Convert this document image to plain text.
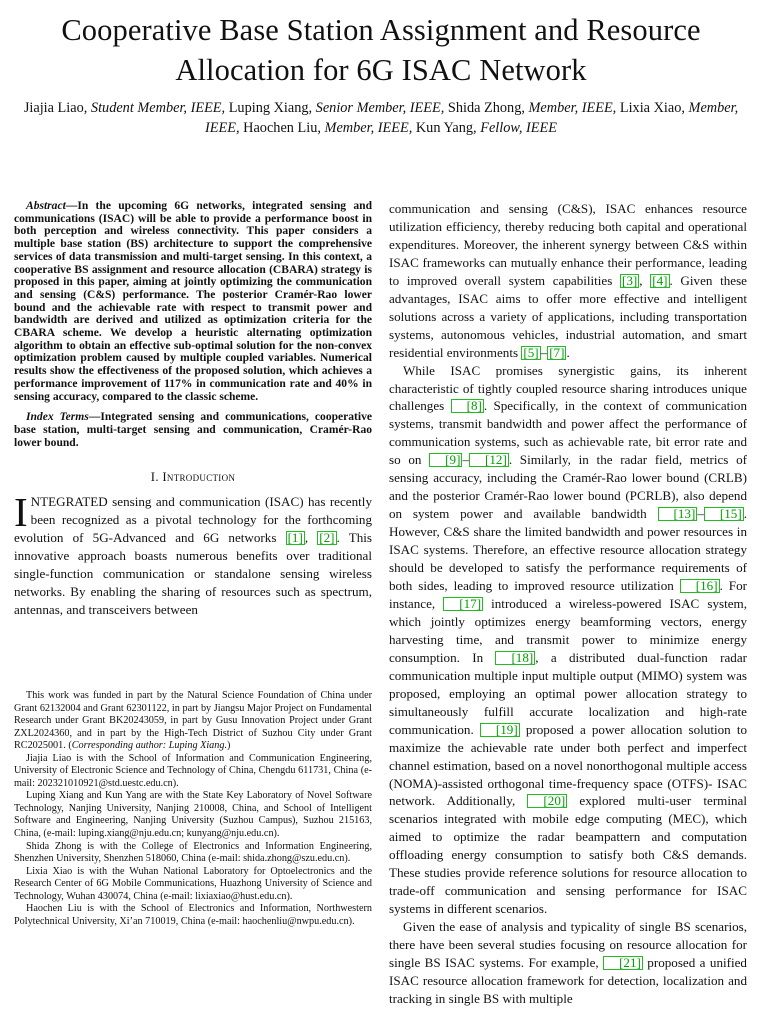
Cooperative Base Station Assignment and Resource Allocation for 6G ISAC Network

Jiajia Liao, Student Member, IEEE, Luping Xiang, Senior Member, IEEE, Shida Zhong, Member, IEEE, Lixia Xiao, Member, IEEE, Haochen Liu, Member, IEEE, Kun Yang, Fellow, IEEE

Abstract—In the upcoming 6G networks, integrated sensing and communications (ISAC) will be able to provide a performance boost in both perception and wireless connectivity. This paper considers a multiple base station (BS) architecture to support the comprehensive services of data transmission and multi-target sensing. In this context, a cooperative BS assignment and resource allocation (CBARA) strategy is proposed in this paper, aiming at jointly optimizing the communication and sensing (C&S) performance. The posterior Cramér-Rao lower bound and the achievable rate with respect to transmit power and bandwidth are derived and utilized as optimization criteria for the CBARA scheme. We develop a heuristic alternating optimization algorithm to obtain an effective sub-optimal solution for the non-convex optimization problem caused by multiple coupled variables. Numerical results show the effectiveness of the proposed solution, which achieves a performance improvement of 117% in communication rate and 40% in sensing accuracy, compared to the classic scheme.

Index Terms—Integrated sensing and communications, cooperative base station, multi-target sensing and communication, Cramér-Rao lower bound.

I. Introduction

INTEGRATED sensing and communication (ISAC) has recently been recognized as a pivotal technology for the forthcoming evolution of 5G-Advanced and 6G networks [1] , [2] . This innovative approach boasts numerous benefits over traditional single-function communication or standalone sensing wireless networks. By enabling the sharing of resources such as spectrum, antennas, and transceivers between

This work was funded in part by the Natural Science Foundation of China under Grant 62132004 and Grant 62301122, in part by Jiangsu Major Project on Fundamental Research under Grant BK20243059, in part by Gusu Innovation Project under Grant ZXL2024360, and in part by the High-Tech District of Suzhou City under Grant RC2025001. (Corresponding author: Luping Xiang.)

Jiajia Liao is with the School of Information and Communication Engineering, University of Electronic Science and Technology of China, Chengdu 611731, China (e-mail: 202321010921@std.uestc.edu.cn).

Luping Xiang and Kun Yang are with the State Key Laboratory of Novel Software Technology, Nanjing University, Nanjing 210008, China, and School of Intelligent Software and Engineering, Nanjing University (Suzhou Campus), Suzhou 215163, China, (e-mail: luping.xiang@nju.edu.cn; kunyang@nju.edu.cn).

Shida Zhong is with the College of Electronics and Information Engineering, Shenzhen University, Shenzhen 518060, China (e-mail: shida.zhong@szu.edu.cn).

Lixia Xiao is with the Wuhan National Laboratory for Optoelectronics and the Research Center of 6G Mobile Communications, Huazhong University of Science and Technology, Wuhan 430074, China (e-mail: lixiaxiao@hust.edu.cn).

Haochen Liu is with the School of Electronics and Information, Northwestern Polytechnical University, Xi’an 710019, China (e-mail: haochenliu@nwpu.edu.cn).

communication and sensing (C&S), ISAC enhances resource utilization efficiency, thereby reducing both capital and operational expenditures. Moreover, the inherent synergy between C&S within ISAC frameworks can mutually enhance their performance, leading to improved overall system capabilities [3] , [4] . Given these advantages, ISAC aims to offer more effective and intelligent solutions across a variety of applications, including transportation systems, autonomous vehicles, industrial automation, and smart residential environments [5] – [7] .

While ISAC promises synergistic gains, its inherent characteristic of tightly coupled resource sharing introduces unique challenges [8] . Specifically, in the context of communication systems, transmit bandwidth and power affect the performance of communication systems, such as achievable rate, bit error rate and so on [9] – [12] . Similarly, in the radar field, metrics of sensing accuracy, including the Cramér-Rao lower bound (CRLB) and the posterior Cramér-Rao lower bound (PCRLB), also depend on system power and available bandwidth [13] – [15] . However, C&S share the limited bandwidth and power resources in ISAC systems. Therefore, an effective resource allocation strategy should be developed to satisfy the performance requirements of both sides, leading to improved resource utilization [16] . For instance, [17] introduced a wireless-powered ISAC system, which jointly optimizes energy beamforming vectors, energy harvesting time, and transmit power to minimize energy consumption. In [18] , a distributed dual-function radar communication multiple input multiple output (MIMO) system was proposed, employing an optimal power allocation strategy to simultaneously fulfill accurate localization and high-rate communication. [19] proposed a power allocation solution to maximize the achievable rate under both perfect and imperfect channel estimation, based on a novel nonorthogonal multiple access (NOMA)-assisted orthogonal time-frequency space (OTFS)- ISAC network. Additionally, [20] explored multi-user terminal scenarios integrated with mobile edge computing (MEC), which aimed to optimize the radar beampattern and computation offloading energy consumption to satisfy both C&S demands. These studies provide reference solutions for resource allocation to trade-off communication and sensing performance for ISAC systems in different scenarios.

Given the ease of analysis and typicality of single BS scenarios, there have been several studies focusing on resource allocation for single BS ISAC systems. For example, [21] proposed a unified ISAC resource allocation framework for detection, localization and tracking in single BS with multiple
